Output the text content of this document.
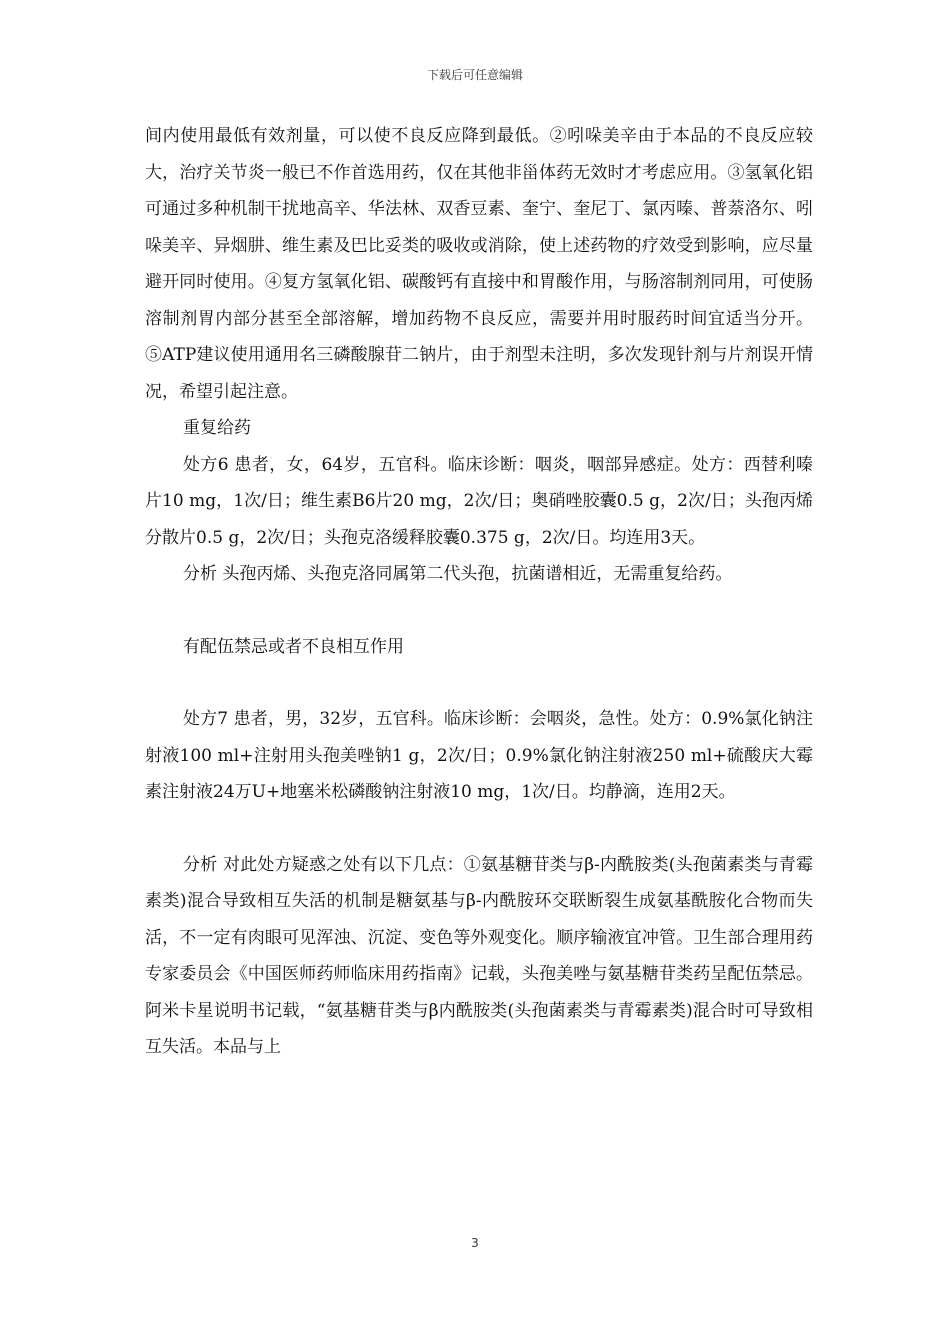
下载后可任意编辑

间内使用最低有效剂量，可以使不良反应降到最低。②吲哚美辛由于本品的不良反应较大，治疗关节炎一般已不作首选用药，仅在其他非甾体药无效时才考虑应用。③氢氧化铝可通过多种机制干扰地高辛、华法林、双香豆素、奎宁、奎尼丁、氯丙嗪、普萘洛尔、吲哚美辛、异烟肼、维生素及巴比妥类的吸收或消除，使上述药物的疗效受到影响，应尽量避开同时使用。④复方氢氧化铝、碳酸钙有直接中和胃酸作用，与肠溶制剂同用，可使肠溶制剂胃内部分甚至全部溶解，增加药物不良反应，需要并用时服药时间宜适当分开。⑤ATP建议使用通用名三磷酸腺苷二钠片，由于剂型未注明，多次发现针剂与片剂误开情况，希望引起注意。

重复给药

处方6 患者，女，64岁，五官科。临床诊断：咽炎，咽部异感症。处方：西替利嗪片10 mg，1次/日；维生素B6片20 mg，2次/日；奥硝唑胶囊0.5 g，2次/日；头孢丙烯分散片0.5 g，2次/日；头孢克洛缓释胶囊0.375 g，2次/日。均连用3天。

分析 头孢丙烯、头孢克洛同属第二代头孢，抗菌谱相近，无需重复给药。

有配伍禁忌或者不良相互作用

处方7 患者，男，32岁，五官科。临床诊断：会咽炎，急性。处方：0.9%氯化钠注射液100 ml+注射用头孢美唑钠1 g，2次/日；0.9%氯化钠注射液250 ml+硫酸庆大霉素注射液24万U+地塞米松磷酸钠注射液10 mg，1次/日。均静滴，连用2天。

分析 对此处方疑惑之处有以下几点：①氨基糖苷类与β-内酰胺类(头孢菌素类与青霉素类)混合导致相互失活的机制是糖氨基与β-内酰胺环交联断裂生成氨基酰胺化合物而失活，不一定有肉眼可见浑浊、沉淀、变色等外观变化。顺序输液宜冲管。卫生部合理用药专家委员会《中国医师药师临床用药指南》记载，头孢美唑与氨基糖苷类药呈配伍禁忌。阿米卡星说明书记载，“氨基糖苷类与β内酰胺类(头孢菌素类与青霉素类)混合时可导致相互失活。本品与上

3
